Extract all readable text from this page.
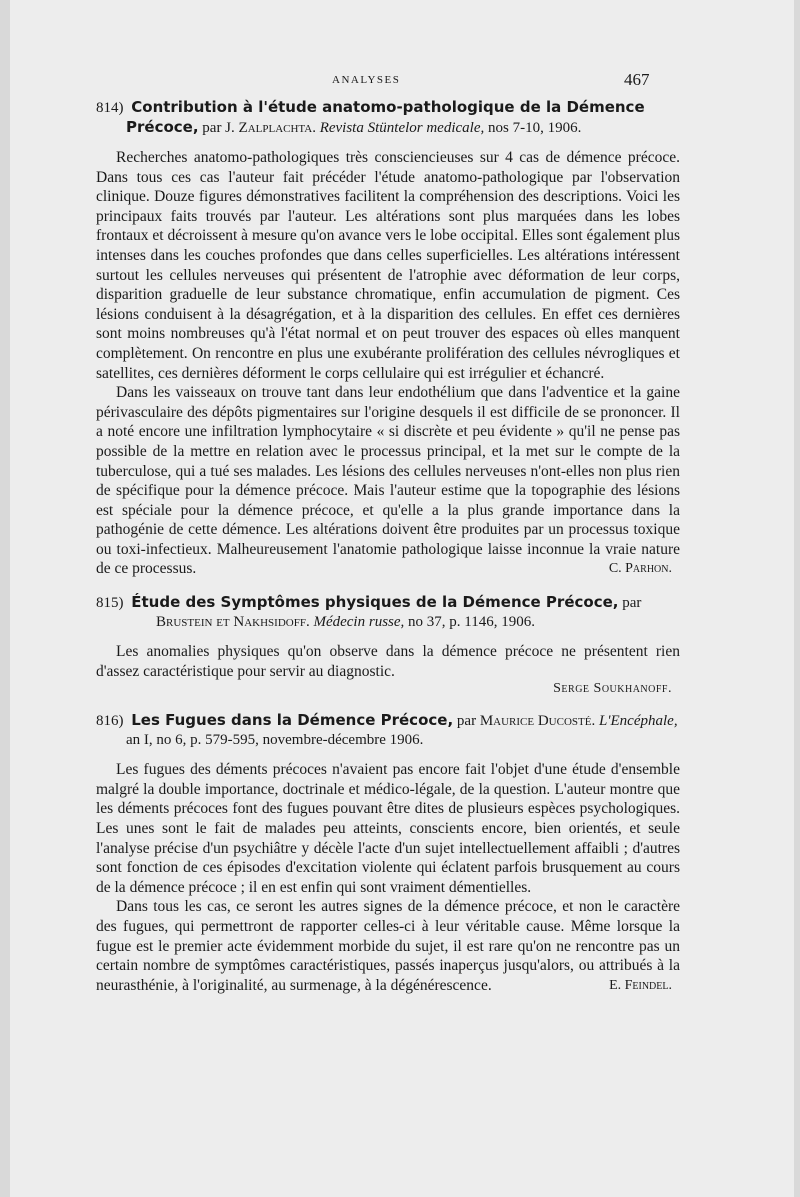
ANALYSES	467

814) Contribution à l'étude anatomo-pathologique de la Démence Précoce, par J. Zalplachta. Revista Stüntelor medicale, nos 7-10, 1906.

Recherches anatomo-pathologiques très consciencieuses sur 4 cas de démence précoce. Dans tous ces cas l'auteur fait précéder l'étude anatomo-pathologique par l'observation clinique. Douze figures démonstratives facilitent la compréhension des descriptions. Voici les principaux faits trouvés par l'auteur. Les altérations sont plus marquées dans les lobes frontaux et décroissent à mesure qu'on avance vers le lobe occipital. Elles sont également plus intenses dans les couches profondes que dans celles superficielles. Les altérations intéressent surtout les cellules nerveuses qui présentent de l'atrophie avec déformation de leur corps, disparition graduelle de leur substance chromatique, enfin accumulation de pigment. Ces lésions conduisent à la désagrégation, et à la disparition des cellules. En effet ces dernières sont moins nombreuses qu'à l'état normal et on peut trouver des espaces où elles manquent complètement. On rencontre en plus une exubérante prolifération des cellules névrogliques et satellites, ces dernières déforment le corps cellulaire qui est irrégulier et échancré.

Dans les vaisseaux on trouve tant dans leur endothélium que dans l'adventice et la gaine périvasculaire des dépôts pigmentaires sur l'origine desquels il est difficile de se prononcer. Il a noté encore une infiltration lymphocytaire « si discrète et peu évidente » qu'il ne pense pas possible de la mettre en relation avec le processus principal, et la met sur le compte de la tuberculose, qui a tué ses malades. Les lésions des cellules nerveuses n'ont-elles non plus rien de spécifique pour la démence précoce. Mais l'auteur estime que la topographie des lésions est spéciale pour la démence précoce, et qu'elle a la plus grande importance dans la pathogénie de cette démence. Les altérations doivent être produites par un processus toxique ou toxi-infectieux. Malheureusement l'anatomie pathologique laisse inconnue la vraie nature de ce processus.	C. Parhon.

815) Étude des Symptômes physiques de la Démence Précoce, par
Brustein et Nakhsidoff. Médecin russe, no 37, p. 1146, 1906.

Les anomalies physiques qu'on observe dans la démence précoce ne présentent rien d'assez caractéristique pour servir au diagnostic.

Serge Soukhanoff.

816) Les Fugues dans la Démence Précoce, par Maurice Ducosté. L'Encéphale, an I, no 6, p. 579-595, novembre-décembre 1906.

Les fugues des déments précoces n'avaient pas encore fait l'objet d'une étude d'ensemble malgré la double importance, doctrinale et médico-légale, de la question. L'auteur montre que les déments précoces font des fugues pouvant être dites de plusieurs espèces psychologiques. Les unes sont le fait de malades peu atteints, conscients encore, bien orientés, et seule l'analyse précise d'un psychiâtre y décèle l'acte d'un sujet intellectuellement affaibli ; d'autres sont fonction de ces épisodes d'excitation violente qui éclatent parfois brusquement au cours de la démence précoce ; il en est enfin qui sont vraiment démentielles.

Dans tous les cas, ce seront les autres signes de la démence précoce, et non le caractère des fugues, qui permettront de rapporter celles-ci à leur véritable cause. Même lorsque la fugue est le premier acte évidemment morbide du sujet, il est rare qu'on ne rencontre pas un certain nombre de symptômes caractéristiques, passés inaperçus jusqu'alors, ou attribués à la neurasthénie, à l'originalité, au surmenage, à la dégénérescence.	E. Feindel.
